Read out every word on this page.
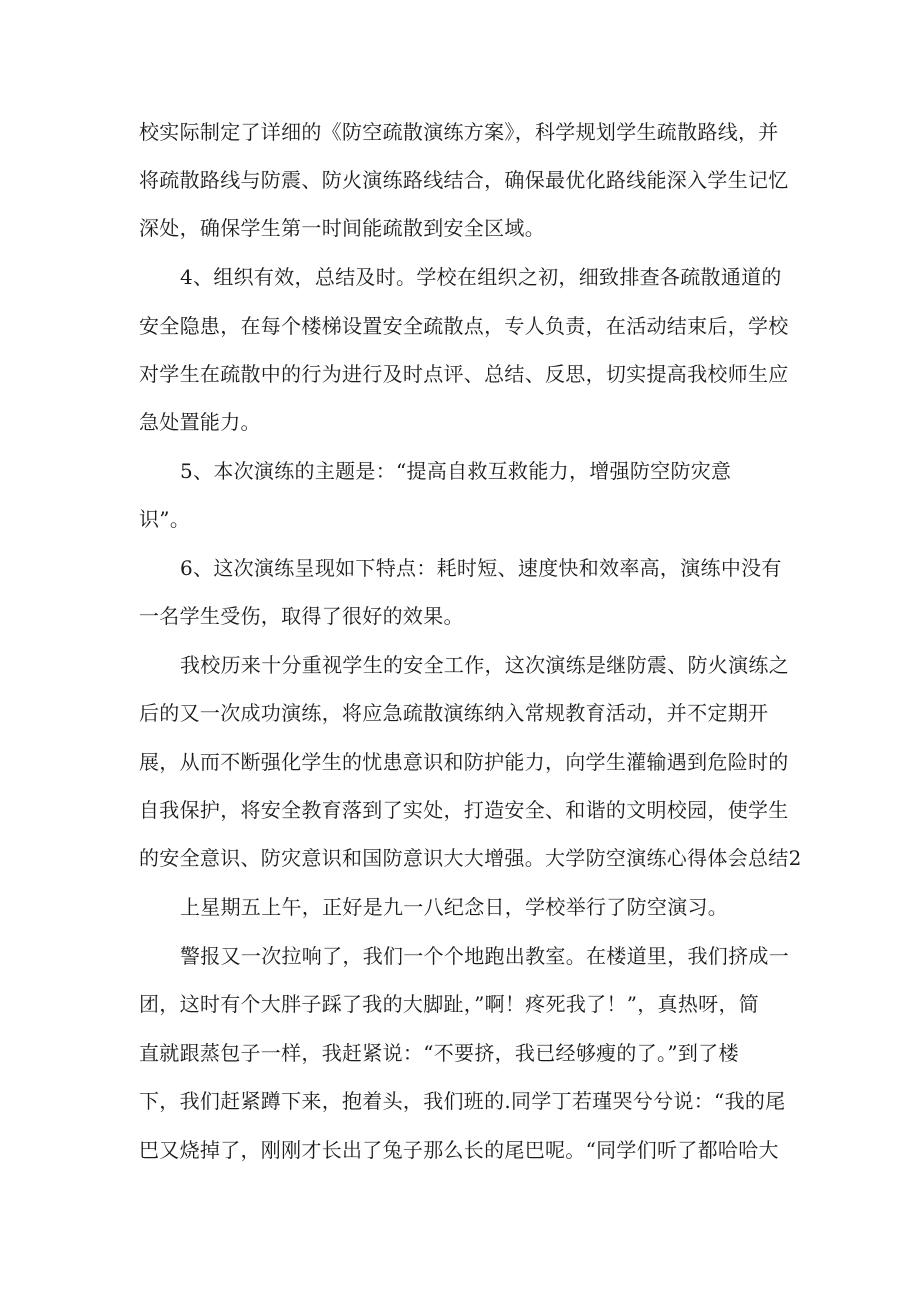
校实际制定了详细的《防空疏散演练方案》，科学规划学生疏散路线，并
将疏散路线与防震、防火演练路线结合，确保最优化路线能深入学生记忆
深处，确保学生第一时间能疏散到安全区域。
4、组织有效，总结及时。学校在组织之初，细致排查各疏散通道的
安全隐患，在每个楼梯设置安全疏散点，专人负责，在活动结束后，学校
对学生在疏散中的行为进行及时点评、总结、反思，切实提高我校师生应
急处置能力。
5、本次演练的主题是：“提高自救互救能力，增强防空防灾意
识”。
6、这次演练呈现如下特点：耗时短、速度快和效率高，演练中没有
一名学生受伤，取得了很好的效果。
我校历来十分重视学生的安全工作，这次演练是继防震、防火演练之
后的又一次成功演练，将应急疏散演练纳入常规教育活动，并不定期开
展，从而不断强化学生的忧患意识和防护能力，向学生灌输遇到危险时的
自我保护，将安全教育落到了实处，打造安全、和谐的文明校园，使学生
的安全意识、防灾意识和国防意识大大增强。大学防空演练心得体会总结2
上星期五上午，正好是九一八纪念日，学校举行了防空演习。
警报又一次拉响了，我们一个个地跑出教室。在楼道里，我们挤成一
团，这时有个大胖子踩了我的大脚趾，”啊！疼死我了！”，真热呀，简
直就跟蒸包子一样，我赶紧说：“不要挤，我已经够瘦的了。”到了楼
下，我们赶紧蹲下来，抱着头，我们班的.同学丁若瑾哭兮兮说：“我的尾
巴又烧掉了，刚刚才长出了兔子那么长的尾巴呢。“同学们听了都哈哈大
